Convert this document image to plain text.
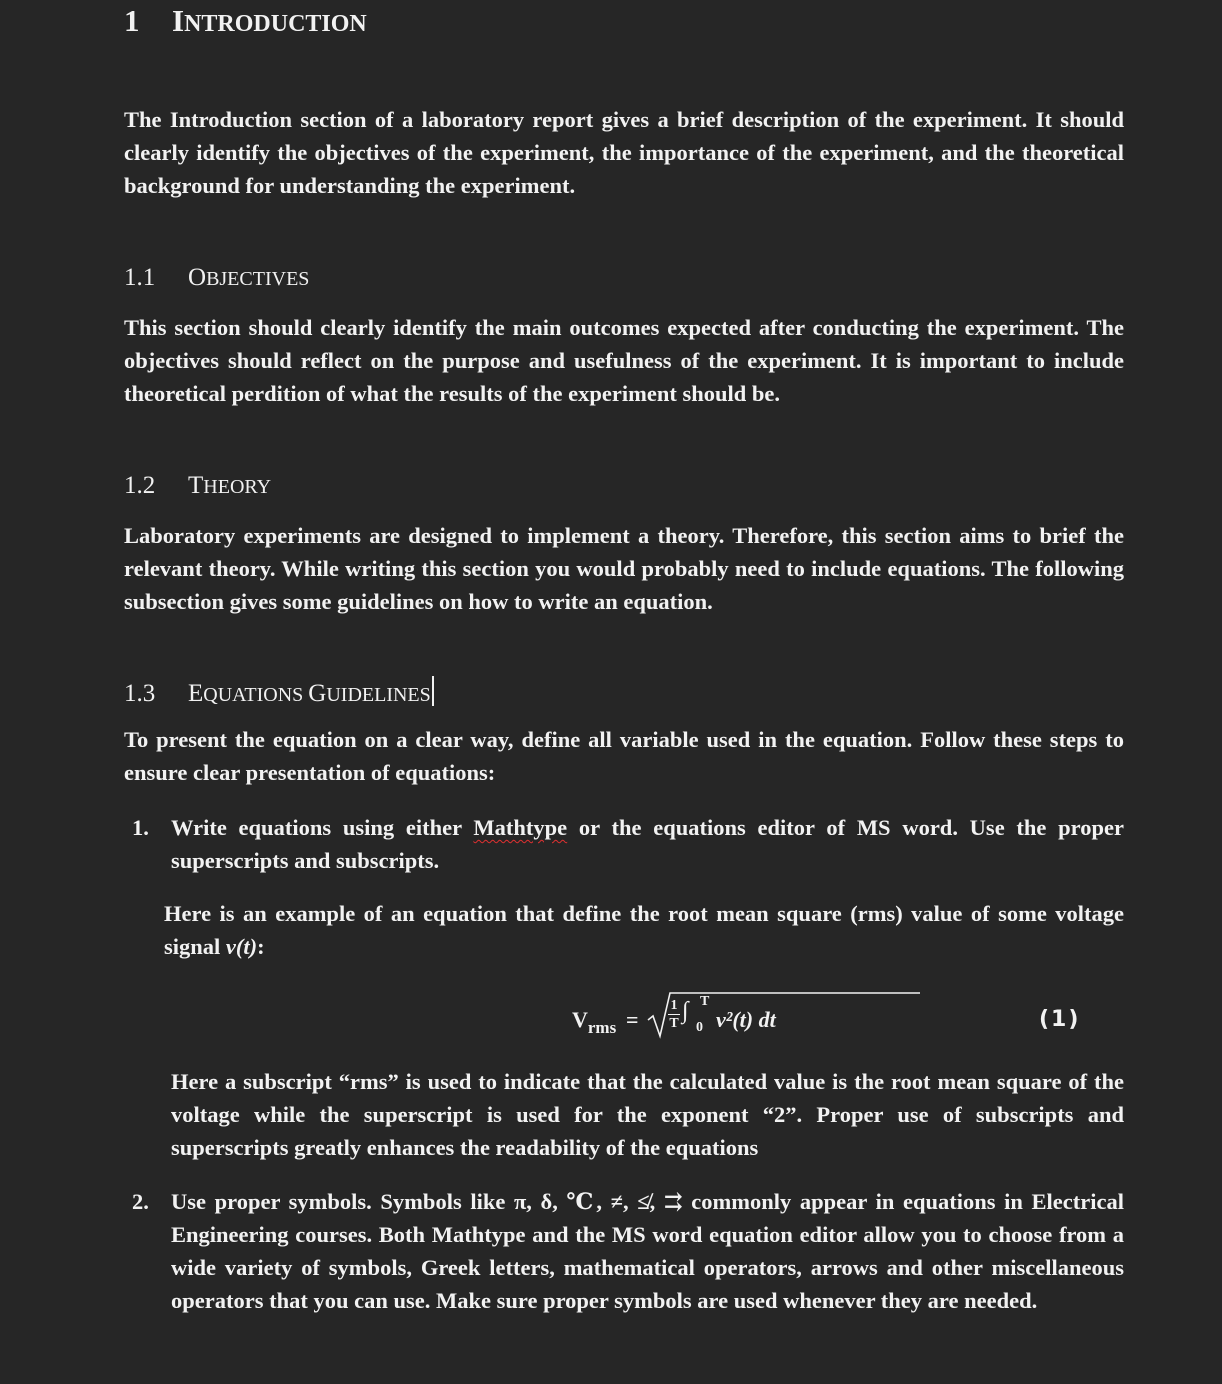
1 INTRODUCTION
The Introduction section of a laboratory report gives a brief description of the experiment. It should clearly identify the objectives of the experiment, the importance of the experiment, and the theoretical background for understanding the experiment.
1.1 OBJECTIVES
This section should clearly identify the main outcomes expected after conducting the experiment. The objectives should reflect on the purpose and usefulness of the experiment. It is important to include theoretical perdition of what the results of the experiment should be.
1.2 THEORY
Laboratory experiments are designed to implement a theory. Therefore, this section aims to brief the relevant theory. While writing this section you would probably need to include equations. The following subsection gives some guidelines on how to write an equation.
1.3 EQUATIONS GUIDELINES
To present the equation on a clear way, define all variable used in the equation. Follow these steps to ensure clear presentation of equations:
1. Write equations using either Mathtype or the equations editor of MS word. Use the proper superscripts and subscripts.
Here is an example of an equation that define the root mean square (rms) value of some voltage signal v(t):
$V_{rms}$ =
1
T ∫ T
0 v²(t) dt	(1)
Here a subscript “rms” is used to indicate that the calculated value is the root mean square of the voltage while the superscript is used for the exponent “2”. Proper use of subscripts and superscripts greatly enhances the readability of the equations
2. Use proper symbols. Symbols like π, δ, ℃, ≠, ≰, ⇉ commonly appear in equations in Electrical Engineering courses. Both Mathtype and the MS word equation editor allow you to choose from a wide variety of symbols, Greek letters, mathematical operators, arrows and other miscellaneous operators that you can use. Make sure proper symbols are used whenever they are needed.
